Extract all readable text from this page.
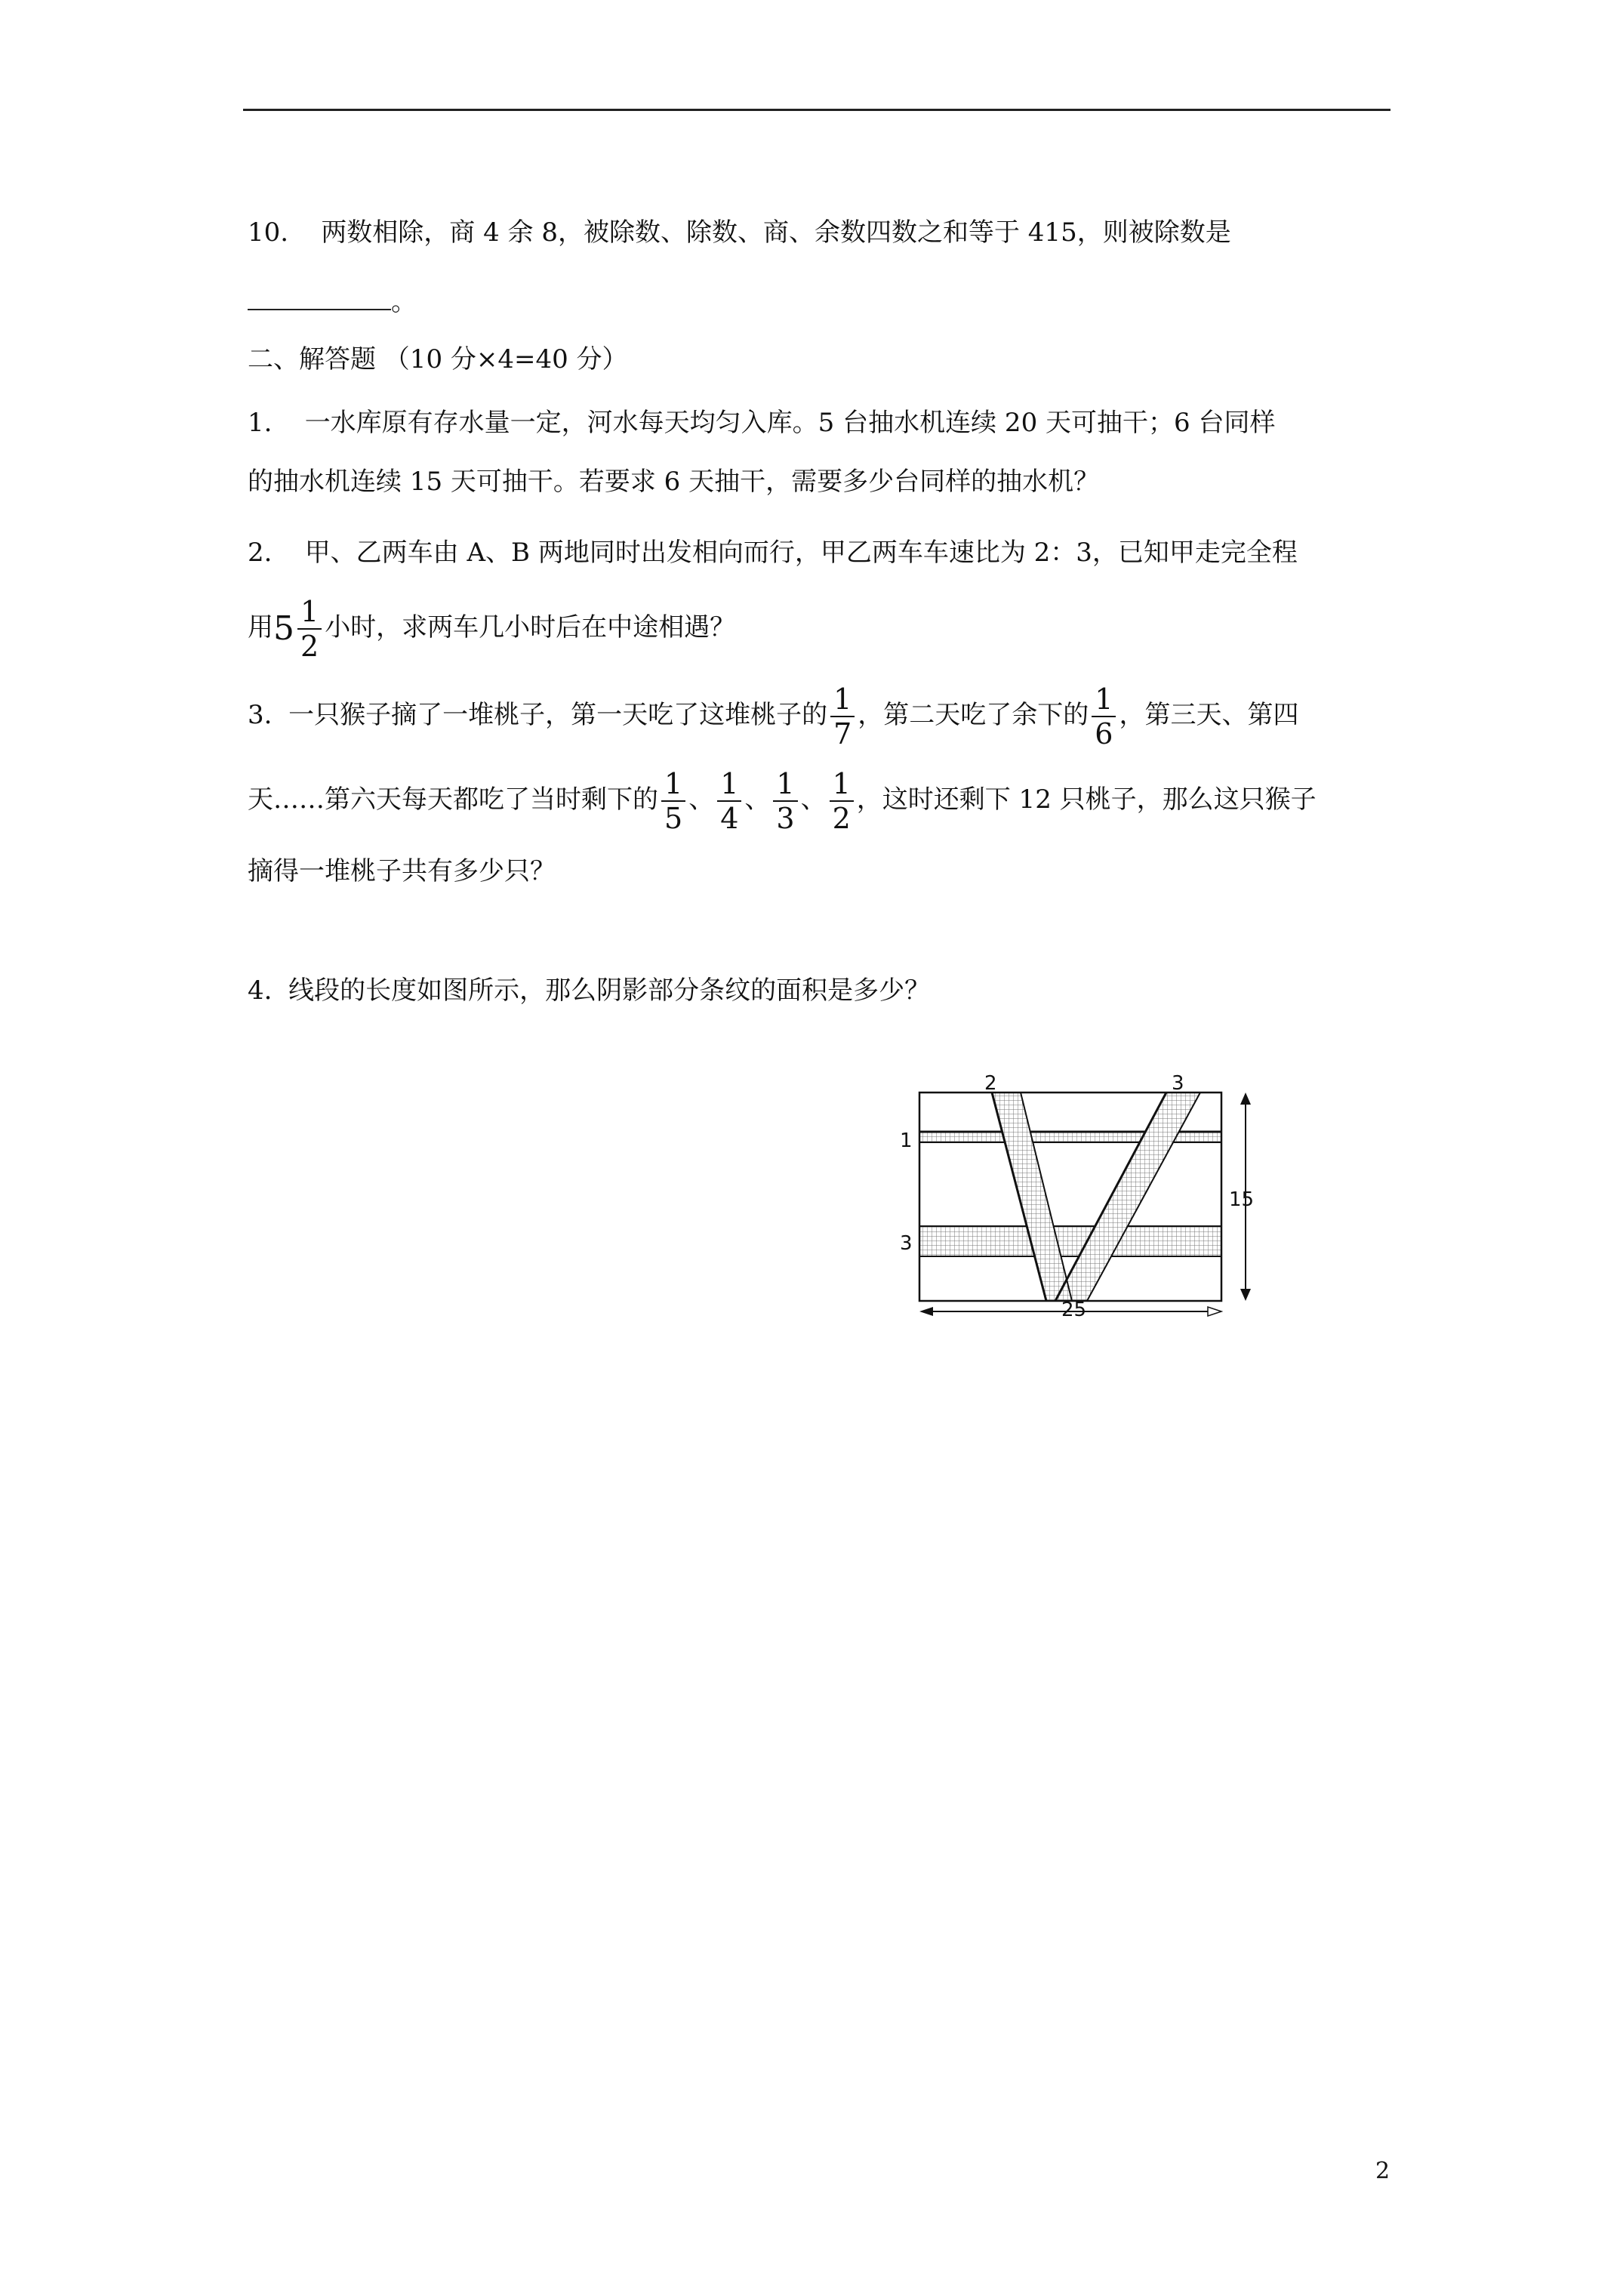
10. 两数相除，商 4 余 8，被除数、除数、商、余数四数之和等于 415，则被除数是
。
二、解答题 （10 分×4=40 分）
1. 一水库原有存水量一定，河水每天均匀入库。5 台抽水机连续 20 天可抽干；6 台同样
的抽水机连续 15 天可抽干。若要求 6 天抽干，需要多少台同样的抽水机？
2. 甲、乙两车由 A、B 两地同时出发相向而行，甲乙两车车速比为 2：3，已知甲走完全程
用$5 \frac{1}{2}$ 小时，求两车几小时后在中途相遇？
3. 一只猴子摘了一堆桃子，第一天吃了这堆桃子的 $\frac{1}{7}$ ，第二天吃了余下的 $\frac{1}{6}$ ，第三天、第四
天……第六天每天都吃了当时剩下的 $\frac{1}{5}$ 、 $\frac{1}{4}$ 、 $\frac{1}{3}$ 、 $\frac{1}{2}$ ，这时还剩下 12 只桃子，那么这只猴子
摘得一堆桃子共有多少只？
4. 线段的长度如图所示，那么阴影部分条纹的面积是多少？
2	3
1
3
15
25
2
